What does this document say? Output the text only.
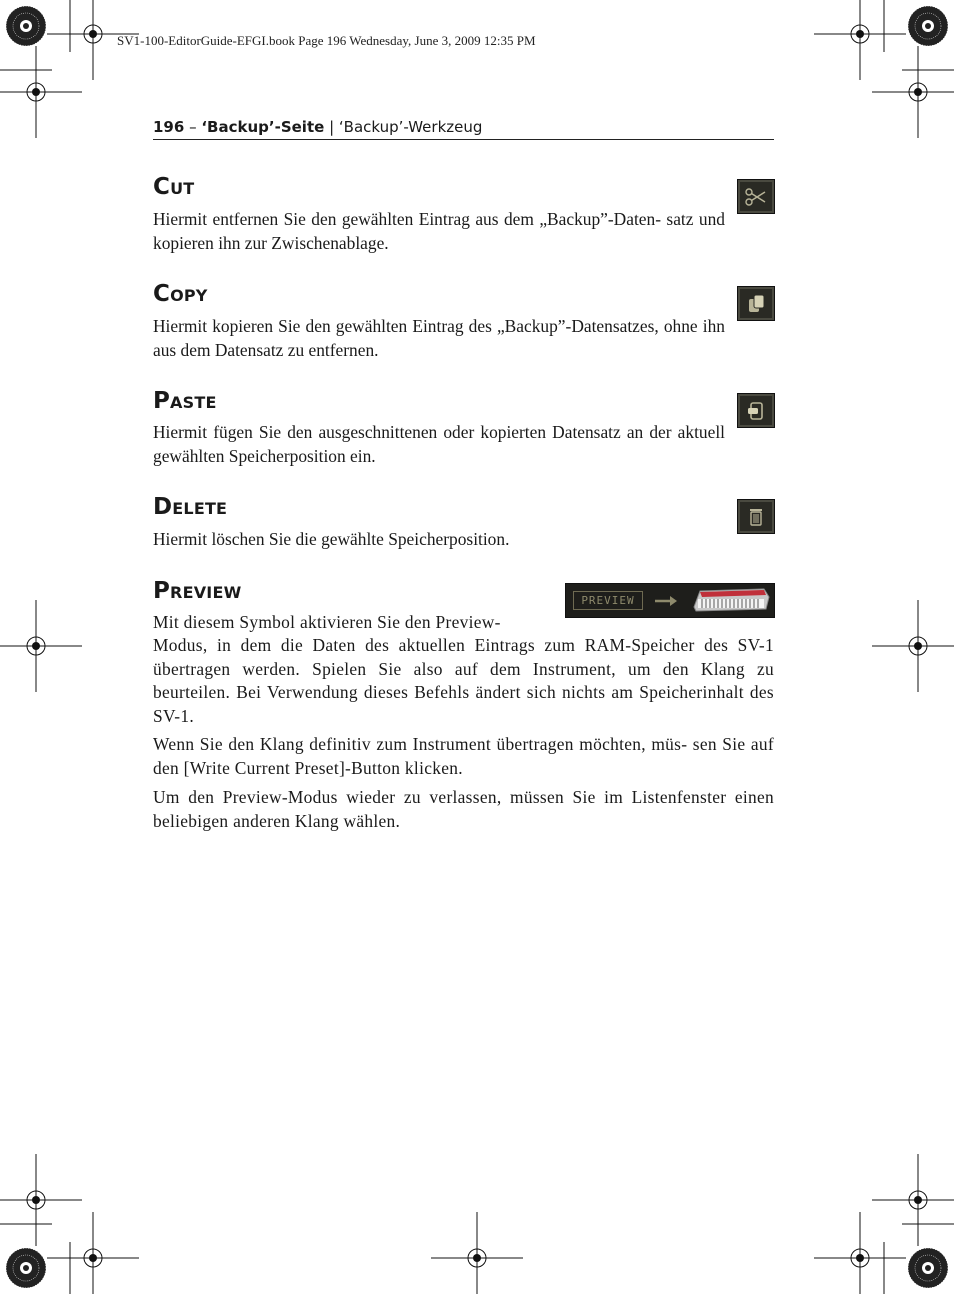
SV1-100-EditorGuide-EFGI.book Page 196 Wednesday, June 3, 2009 12:35 PM
196 – ‘Backup’-Seite | ‘Backup’-Werkzeug
Cut

Hiermit entfernen Sie den gewählten Eintrag aus dem „Backup”-Daten- satz und kopieren ihn zur Zwischenablage.

Copy

Hiermit kopieren Sie den gewählten Eintrag des „Backup”-Datensatzes, ohne ihn aus dem Datensatz zu entfernen.

Paste

Hiermit fügen Sie den ausgeschnittenen oder kopierten Datensatz an der aktuell gewählten Speicherposition ein.

Delete

Hiermit löschen Sie die gewählte Speicherposition.

Preview	PREVIEW

Mit diesem Symbol aktivieren Sie den Preview-

Modus, in dem die Daten des aktuellen Eintrags zum RAM-Speicher des SV-1 übertragen werden. Spielen Sie also auf dem Instrument, um den Klang zu beurteilen. Bei Verwendung dieses Befehls ändert sich nichts am Speicherinhalt des SV-1.

Wenn Sie den Klang definitiv zum Instrument übertragen möchten, müs- sen Sie auf den [Write Current Preset]-Button klicken.

Um den Preview-Modus wieder zu verlassen, müssen Sie im Listenfenster einen beliebigen anderen Klang wählen.
